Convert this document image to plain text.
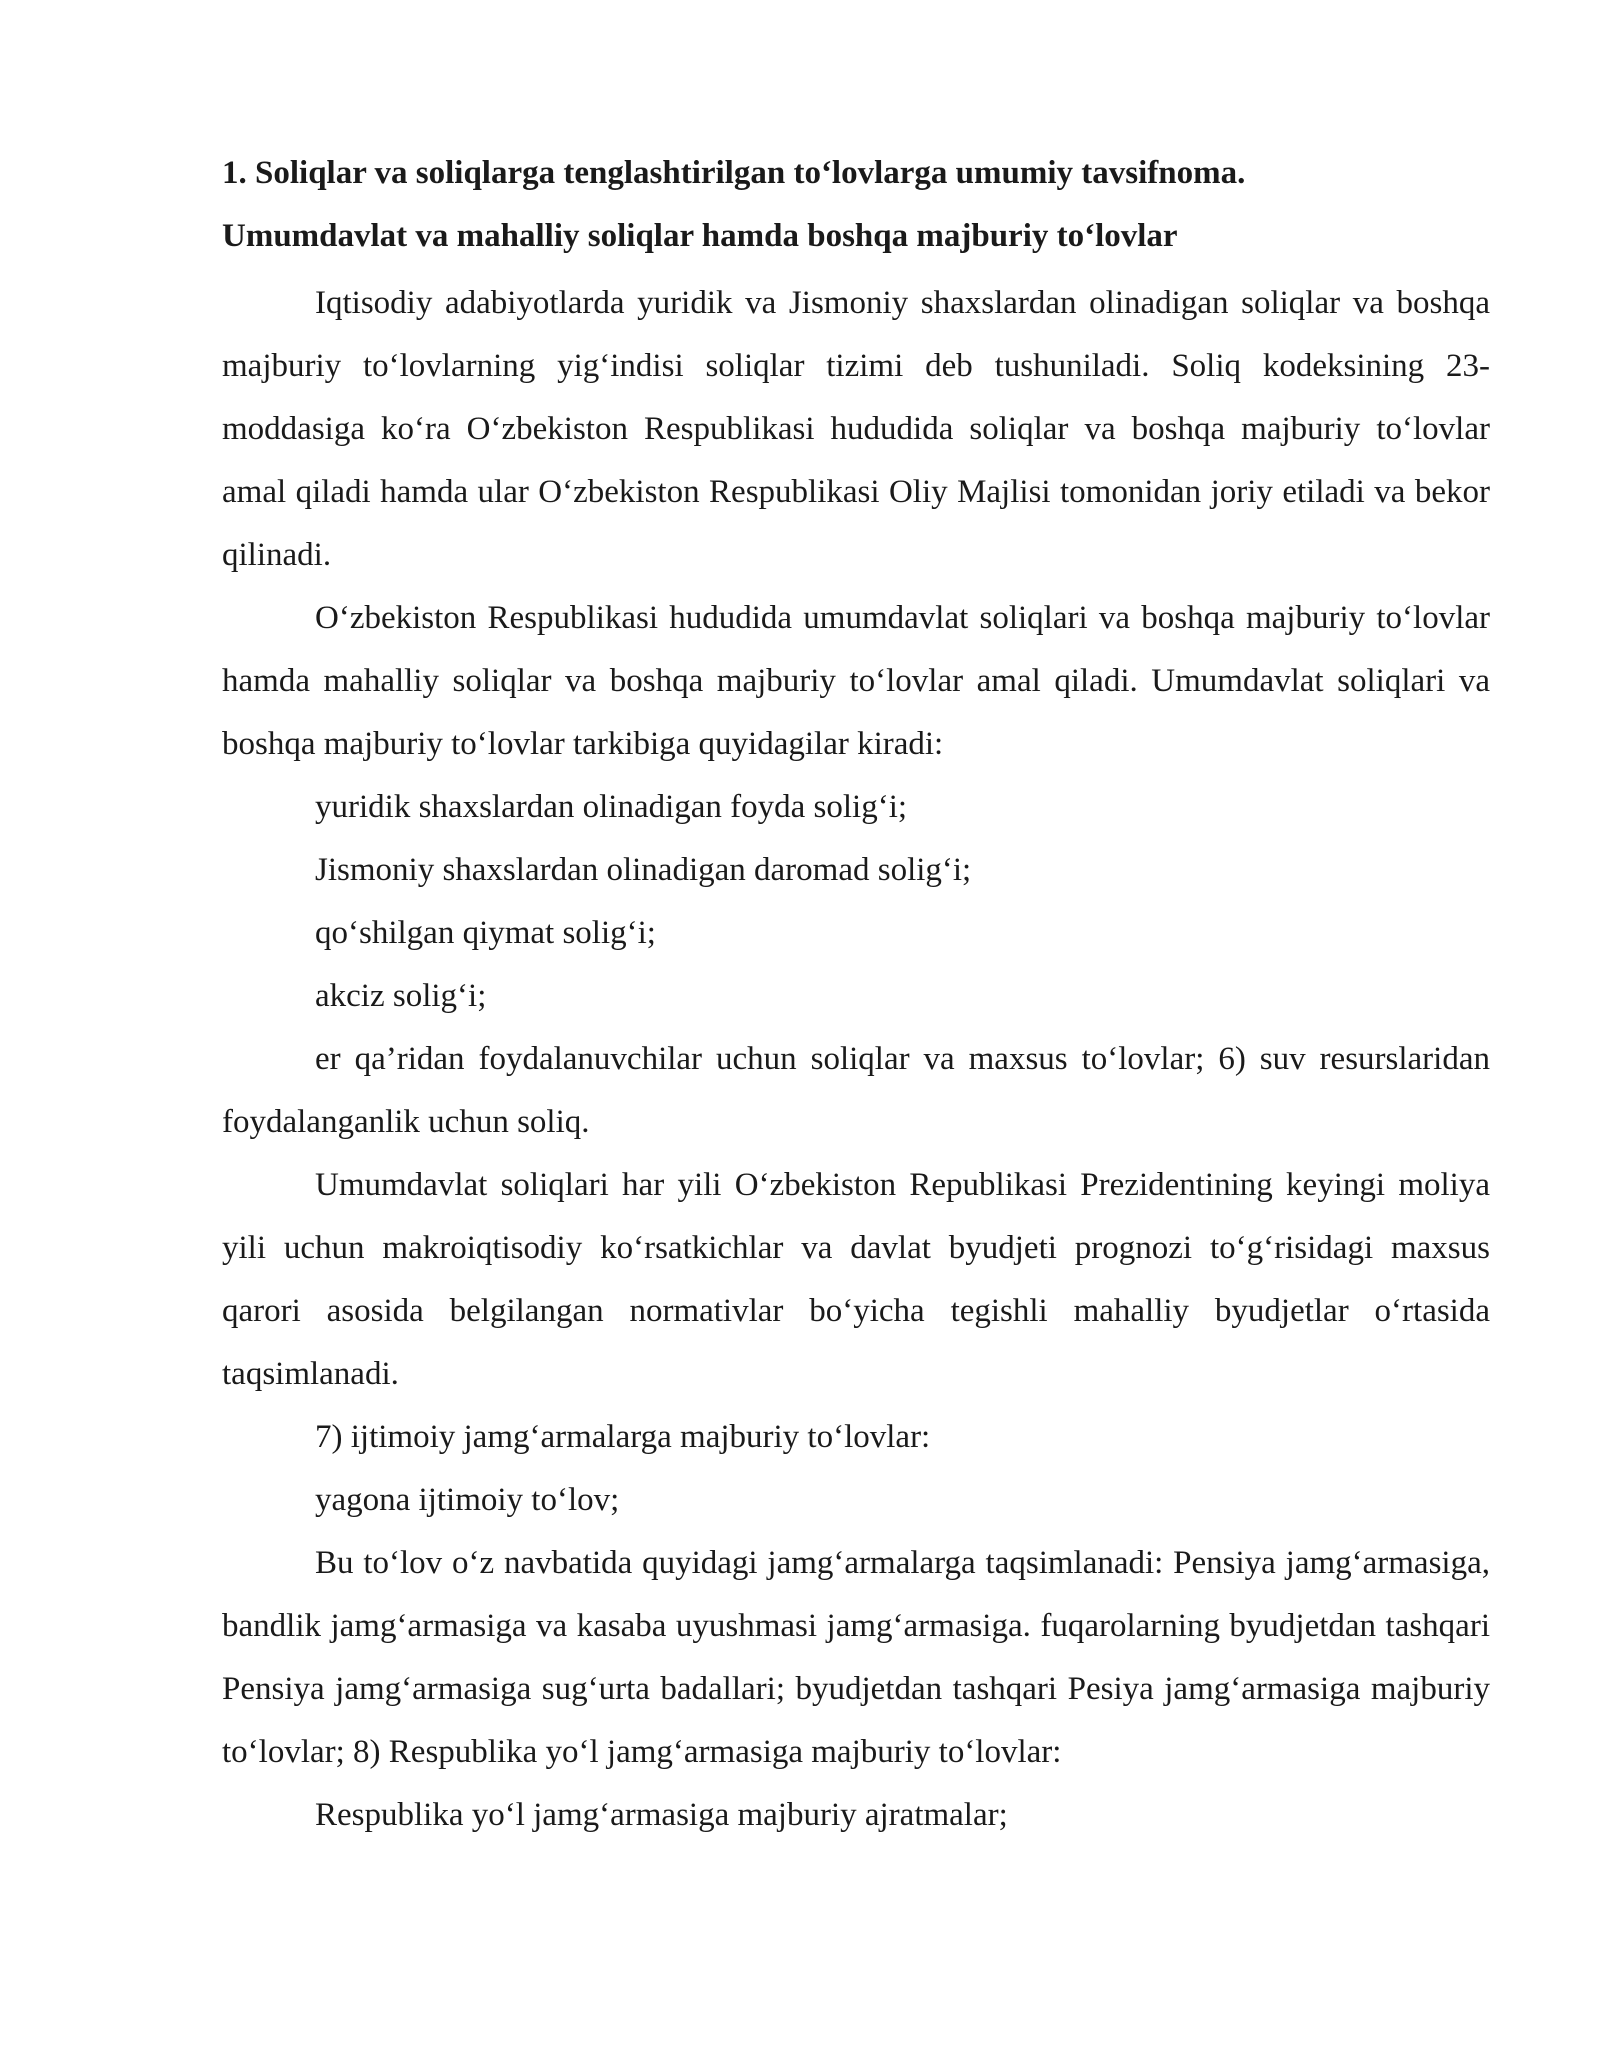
1. Soliqlar va soliqlarga tenglashtirilgan to‘lovlarga umumiy tavsifnoma.
Umumdavlat va mahalliy soliqlar hamda boshqa majburiy to‘lovlar

Iqtisodiy adabiyotlarda yuridik va Jismoniy shaxslardan olinadigan soliqlar va boshqa majburiy to‘lovlarning yig‘indisi soliqlar tizimi deb tushuniladi. Soliq kodeksining 23-moddasiga ko‘ra O‘zbekiston Respublikasi hududida soliqlar va boshqa majburiy to‘lovlar amal qiladi hamda ular O‘zbekiston Respublikasi Oliy Majlisi tomonidan joriy etiladi va bekor qilinadi.

O‘zbekiston Respublikasi hududida umumdavlat soliqlari va boshqa majburiy to‘lovlar hamda mahalliy soliqlar va boshqa majburiy to‘lovlar amal qiladi. Umumdavlat soliqlari va boshqa majburiy to‘lovlar tarkibiga quyidagilar kiradi:

yuridik shaxslardan olinadigan foyda solig‘i;

Jismoniy shaxslardan olinadigan daromad solig‘i;

qo‘shilgan qiymat solig‘i;

akciz solig‘i;

er qa’ridan foydalanuvchilar uchun soliqlar va maxsus to‘lovlar; 6) suv resurslaridan foydalanganlik uchun soliq.

Umumdavlat soliqlari har yili O‘zbekiston Republikasi Prezidentining keyingi moliya yili uchun makroiqtisodiy ko‘rsatkichlar va davlat byudjeti prognozi to‘g‘risidagi maxsus qarori asosida belgilangan normativlar bo‘yicha tegishli mahalliy byudjetlar o‘rtasida taqsimlanadi.

7) ijtimoiy jamg‘armalarga majburiy to‘lovlar:

yagona ijtimoiy to‘lov;

Bu to‘lov o‘z navbatida quyidagi jamg‘armalarga taqsimlanadi: Pensiya jamg‘armasiga, bandlik jamg‘armasiga va kasaba uyushmasi jamg‘armasiga. fuqarolarning byudjetdan tashqari Pensiya jamg‘armasiga sug‘urta badallari; byudjetdan tashqari Pesiya jamg‘armasiga majburiy to‘lovlar; 8) Respublika yo‘l jamg‘armasiga majburiy to‘lovlar:

Respublika yo‘l jamg‘armasiga majburiy ajratmalar;
